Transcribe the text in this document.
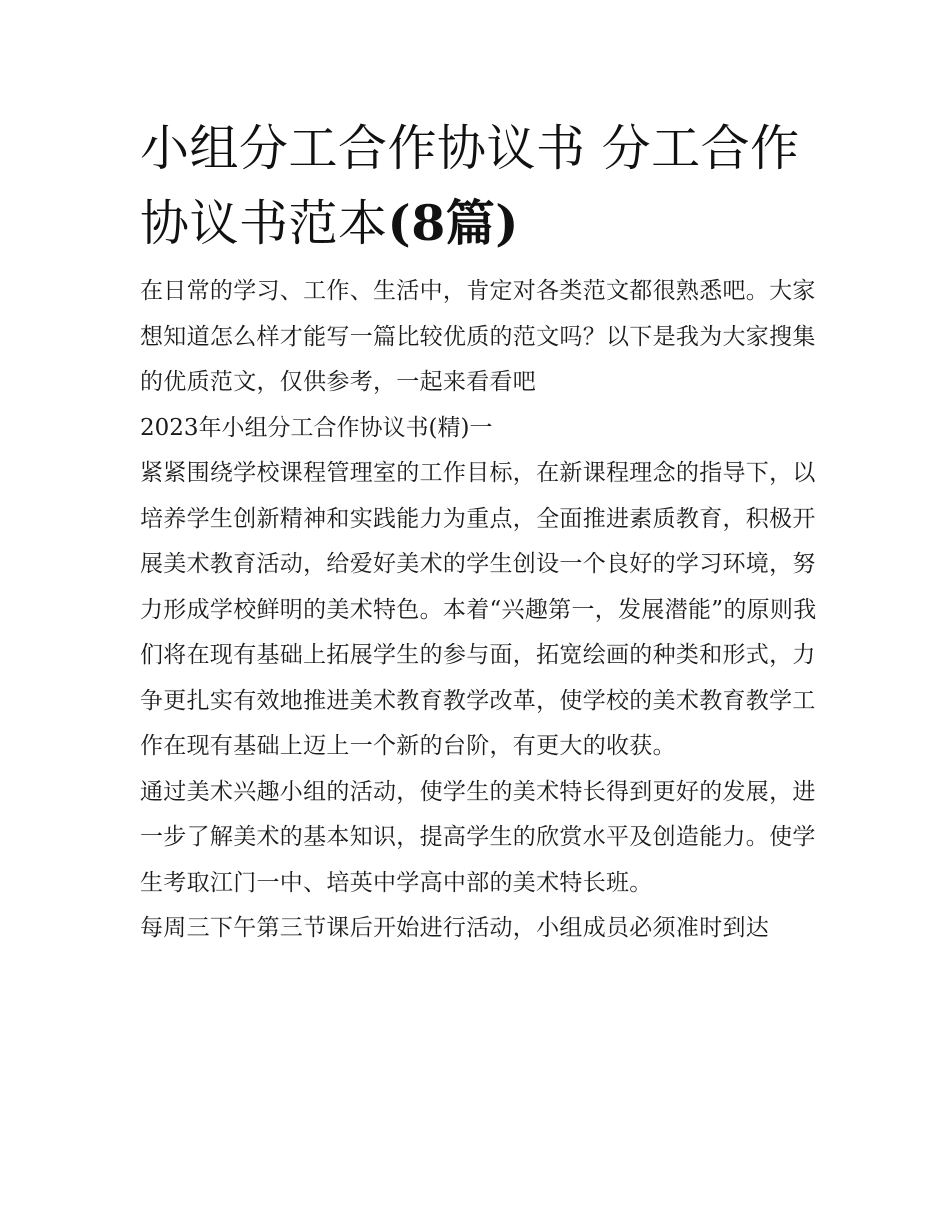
小组分工合作协议书 分工合作协议书范本(8篇)

在日常的学习、工作、生活中，肯定对各类范文都很熟悉吧。大家想知道怎么样才能写一篇比较优质的范文吗？以下是我为大家搜集的优质范文，仅供参考，一起来看看吧

2023年小组分工合作协议书(精)一

紧紧围绕学校课程管理室的工作目标，在新课程理念的指导下，以培养学生创新精神和实践能力为重点，全面推进素质教育，积极开展美术教育活动，给爱好美术的学生创设一个良好的学习环境，努力形成学校鲜明的美术特色。本着“兴趣第一，发展潜能”的原则我们将在现有基础上拓展学生的参与面，拓宽绘画的种类和形式，力争更扎实有效地推进美术教育教学改革，使学校的美术教育教学工作在现有基础上迈上一个新的台阶，有更大的收获。

通过美术兴趣小组的活动，使学生的美术特长得到更好的发展，进一步了解美术的基本知识，提高学生的欣赏水平及创造能力。使学生考取江门一中、培英中学高中部的美术特长班。

每周三下午第三节课后开始进行活动，小组成员必须准时到达
